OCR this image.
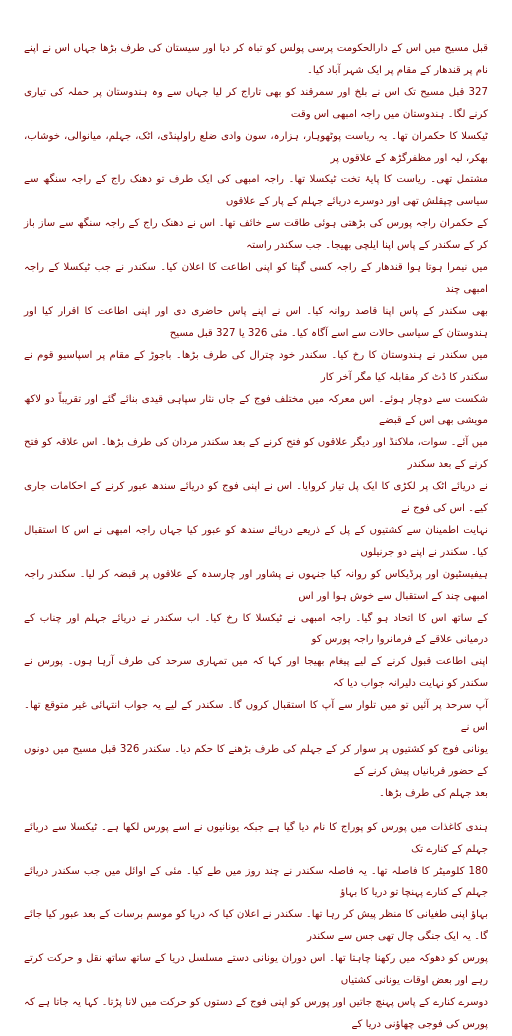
قبل مسیح میں اس کے دارالحکومت پرسی پولس کو تباہ کر دیا اور سیستان کی طرف بڑھا جہاں اس نے اپنے نام پر قندھار کے مقام پر ایک شہر آباد کیا۔
327 قبل مسیح تک اس نے بلخ اور سمرقند کو بھی تاراج کر لیا جہاں سے وہ ہندوستان پر حملہ کی تیاری کرنے لگا۔ ہندوستان میں راجہ امبھی اس وقت
ٹیکسلا کا حکمران تھا۔ یہ ریاست پوٹھوہار، ہزارہ، سون وادی ضلع راولپنڈی، اٹک، جہلم، میانوالی، خوشاب، بھکر، لیہ اور مظفرگڑھ کے علاقوں پر
مشتمل تھی۔ ریاست کا پایۂ تخت ٹیکسلا تھا۔ راجہ امبھی کی ایک طرف تو دھنک راج کے راجہ سنگھ سے سیاسی چپقلش تھی اور دوسرے دریائے جہلم کے پار کے علاقوں
کے حکمران راجہ پورس کی بڑھتی ہوئی طاقت سے خائف تھا۔ اس نے دھنک راج کے راجہ سنگھ سے ساز باز کر کے سکندر کے پاس اپنا ایلچی بھیجا۔ جب سکندر راستہ
میں نیمرا ہوتا ہوا قندھار کے راجہ کسی گپتا کو اپنی اطاعت کا اعلان کیا۔ سکندر نے جب ٹیکسلا کے راجہ امبھی چند
بھی سکندر کے پاس اپنا قاصد روانہ کیا۔ اس نے اپنے پاس حاضری دی اور اپنی اطاعت کا اقرار کیا اور ہندوستان کے سیاسی حالات سے اسے آگاہ کیا۔ مئی 326 یا 327 قبل مسیح
میں سکندر نے ہندوستان کا رخ کیا۔ سکندر خود چترال کی طرف بڑھا۔ باجوڑ کے مقام پر اسپاسیو قوم نے سکندر کا ڈٹ کر مقابلہ کیا مگر آخر کار
شکست سے دوچار ہوئے۔ اس معرکہ میں مختلف فوج کے جاں نثار سپاہی قیدی بنائے گئے اور تقریباً دو لاکھ مویشی بھی اس کے قبضے
میں آئے۔ سوات، ملاکنڈ اور دیگر علاقوں کو فتح کرنے کے بعد سکندر مردان کی طرف بڑھا۔ اس علاقہ کو فتح کرنے کے بعد سکندر
نے دریائے اٹک پر لکڑی کا ایک پل تیار کروایا۔ اس نے اپنی فوج کو دریائے سندھ عبور کرنے کے احکامات جاری کیے۔ اس کی فوج نے
نہایت اطمینان سے کشتیوں کے پل کے ذریعے دریائے سندھ کو عبور کیا جہاں راجہ امبھی نے اس کا استقبال کیا۔ سکندر نے اپنے دو جرنیلوں
ہیفیسٹیون اور پرڈیکاس کو روانہ کیا جنہوں نے پشاور اور چارسدہ کے علاقوں پر قبضہ کر لیا۔ سکندر راجہ امبھی چند کے استقبال سے خوش ہوا اور اس
کے ساتھ اس کا اتحاد ہو گیا۔ راجہ امبھی نے ٹیکسلا کا رخ کیا۔ اب سکندر نے دریائے جہلم اور چناب کے درمیانی علاقے کے فرمانروا راجہ پورس کو
اپنی اطاعت قبول کرنے کے لیے پیغام بھیجا اور کہا کہ میں تمہاری سرحد کی طرف آرہا ہوں۔ پورس نے سکندر کو نہایت دلیرانہ جواب دیا کہ
آپ سرحد پر آئیں تو میں تلوار سے آپ کا استقبال کروں گا۔ سکندر کے لیے یہ جواب انتہائی غیر متوقع تھا۔ اس نے
یونانی فوج کو کشتیوں پر سوار کر کے جہلم کی طرف بڑھنے کا حکم دیا۔ سکندر 326 قبل مسیح میں دونوں کے حضور قربانیاں پیش کرنے کے
بعد جہلم کی طرف بڑھا۔

ہندی کاغذات میں پورس کو پوراج کا نام دیا گیا ہے جبکہ یونانیوں نے اسے پورس لکھا ہے۔ ٹیکسلا سے دریائے جہلم کے کنارے تک
180 کلومیٹر کا فاصلہ تھا۔ یہ فاصلہ سکندر نے چند روز میں طے کیا۔ مئی کے اوائل میں جب سکندر دریائے جہلم کے کنارے پہنچا تو دریا کا بہاؤ
بہاؤ اپنی طغیانی کا منظر پیش کر رہا تھا۔ سکندر نے اعلان کیا کہ دریا کو موسم برسات کے بعد عبور کیا جائے گا۔ یہ ایک جنگی چال تھی جس سے سکندر
پورس کو دھوکہ میں رکھنا چاہتا تھا۔ اس دوران یونانی دستے مسلسل دریا کے ساتھ ساتھ نقل و حرکت کرتے رہے اور بعض اوقات یونانی کشتیاں
دوسرے کنارے کے پاس پہنچ جاتیں اور پورس کو اپنی فوج کے دستوں کو حرکت میں لانا پڑتا۔ کہا یہ جاتا ہے کہ پورس کی فوجی چھاؤنی دریا کے
